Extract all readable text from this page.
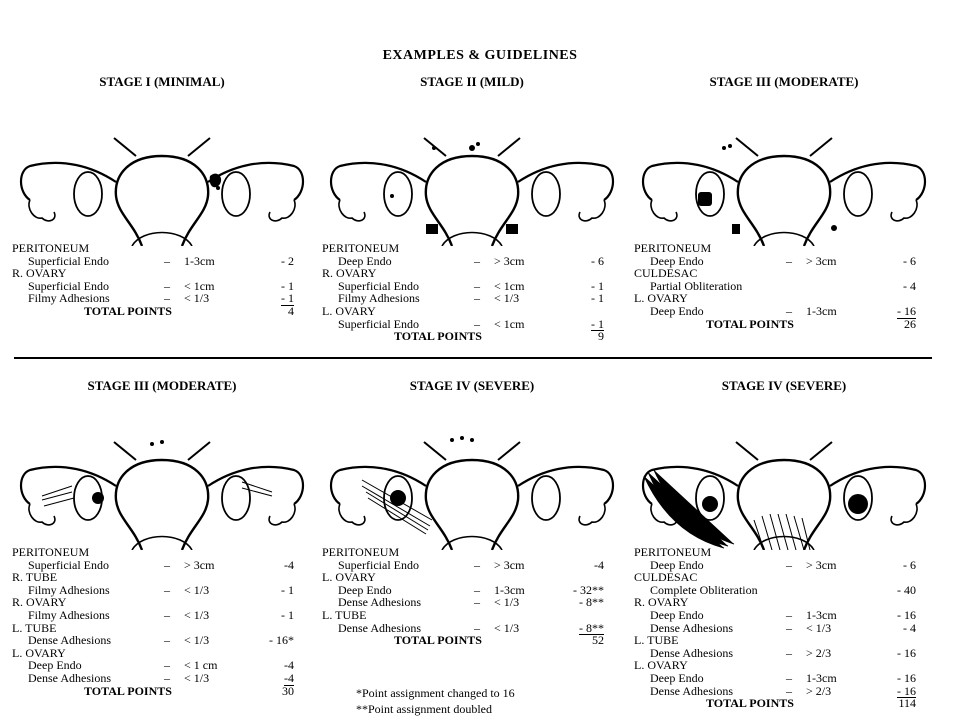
EXAMPLES & GUIDELINES
*Point assignment changed to 16
**Point assignment doubled
STAGE I (MINIMAL)
PERITONEUM
Superficial Endo	– 1-3cm	- 2
R. OVARY
Superficial Endo	– < 1cm	- 1
Filmy Adhesions	– < 1/3	- 1
TOTAL POINTS	4
STAGE II (MILD)
PERITONEUM
Deep Endo	– > 3cm	- 6
R. OVARY
Superficial Endo	– < 1cm	- 1
Filmy Adhesions	– < 1/3	- 1
L. OVARY
Superficial Endo	– < 1cm	- 1
TOTAL POINTS	9
STAGE III (MODERATE)
PERITONEUM
Deep Endo	– > 3cm	- 6
CULDESAC
Partial Obliteration	- 4
L. OVARY
Deep Endo	– 1-3cm	- 16
TOTAL POINTS	26
STAGE III (MODERATE)
PERITONEUM
Superficial Endo	– > 3cm	-4
R. TUBE
Filmy Adhesions	– < 1/3	- 1
R. OVARY
Filmy Adhesions	– < 1/3	- 1
L. TUBE
Dense Adhesions	– < 1/3	- 16*
L. OVARY
Deep Endo	– < 1 cm	-4
Dense Adhesions	– < 1/3	-4
TOTAL POINTS	30
STAGE IV (SEVERE)
PERITONEUM
Superficial Endo	– > 3cm	-4
L. OVARY
Deep Endo	– 1-3cm	- 32**
Dense Adhesions	– < 1/3	- 8**
L. TUBE
Dense Adhesions	– < 1/3	- 8**
TOTAL POINTS	52
STAGE IV (SEVERE)
PERITONEUM
Deep Endo	– > 3cm	- 6
CULDESAC
Complete Obliteration	- 40
R. OVARY
Deep Endo	– 1-3cm	- 16
Dense Adhesions	– < 1/3	- 4
L. TUBE
Dense Adhesions	– > 2/3	- 16
L. OVARY
Deep Endo	– 1-3cm	- 16
Dense Adhesions	– > 2/3	- 16
TOTAL POINTS	114
